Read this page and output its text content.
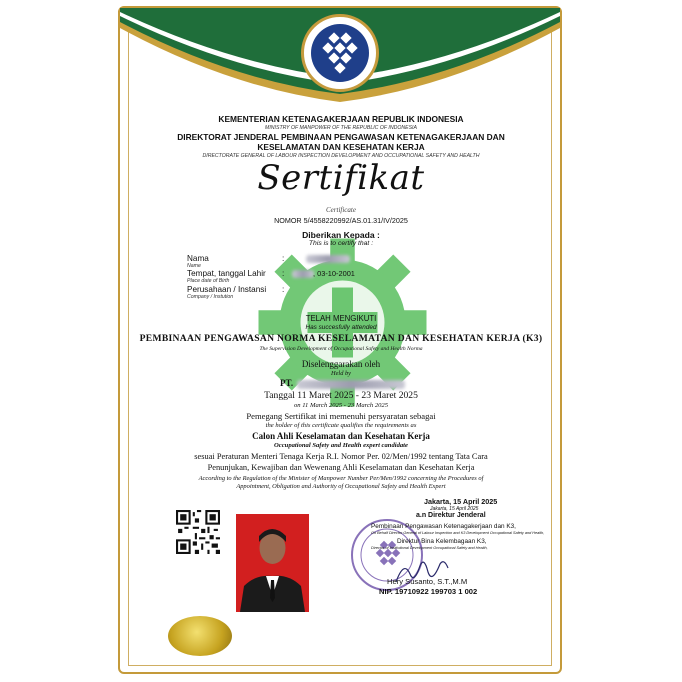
KEMENTERIAN KETENAGAKERJAAN REPUBLIK INDONESIA
MINISTRY OF MANPOWER OF THE REPUBLIC OF INDONESIA
DIREKTORAT JENDERAL PEMBINAAN PENGAWASAN KETENAGAKERJAAN DAN
KESELAMATAN DAN KESEHATAN KERJA
DIRECTORATE GENERAL OF LABOUR INSPECTION DEVELOPMENT AND OCCUPATIONAL SAFETY AND HEALTH
Sertifikat
Certificate
NOMOR 5/4558220992/AS.01.31/IV/2025
Diberikan Kepada :
This is to certify that :
Nama
Name
:
Tempat, tanggal Lahir
Place date of Birth
:	, 03-10-2001
Perusahaan / Instansi
Company / Instution
:
TELAH MENGIKUTI
Has succesfully attended
PEMBINAAN PENGAWASAN NORMA KESELAMATAN DAN KESEHATAN KERJA (K3)
The Supervision Development of Occupational Safety and Health Norma
Diselenggarakan oleh
Held by
PT.
Tanggal 11 Maret 2025 - 23 Maret 2025
on 11 March 2025 - 23 March 2025
Pemegang Sertifikat ini memenuhi persyaratan sebagai
the holder of this certificate qualifies the requirements as
Calon Ahli Keselamatan dan Kesehatan Kerja
Occupational Safety and Health expert candidate
sesuai Peraturan Menteri Tenaga Kerja R.I. Nomor Per. 02/Men/1992 tentang Tata Cara
Penunjukan, Kewajiban dan Wewenang Ahli Keselamatan dan Kesehatan Kerja
According to the Regulation of the Minister of Manpower Number Per/Men/1992 concerning the Procedures of
Appointment, Obligation and Authority of Occupational Safety and Health Expert
Jakarta, 15 April 2025
Jakarta, 15 April 2025
a.n Direktur Jenderal
Pembinaan Pengawasan Ketenagakerjaan dan K3,
On Behalf Director General of Labour Inspection and K3 Development Occupational Safety and Health,
Direktur Bina Kelembagaan K3,
Director of Institutional Development Occupational Safety and Health,
Hery Susanto, S.T.,M.M
NIP. 19710922 199703 1 002
